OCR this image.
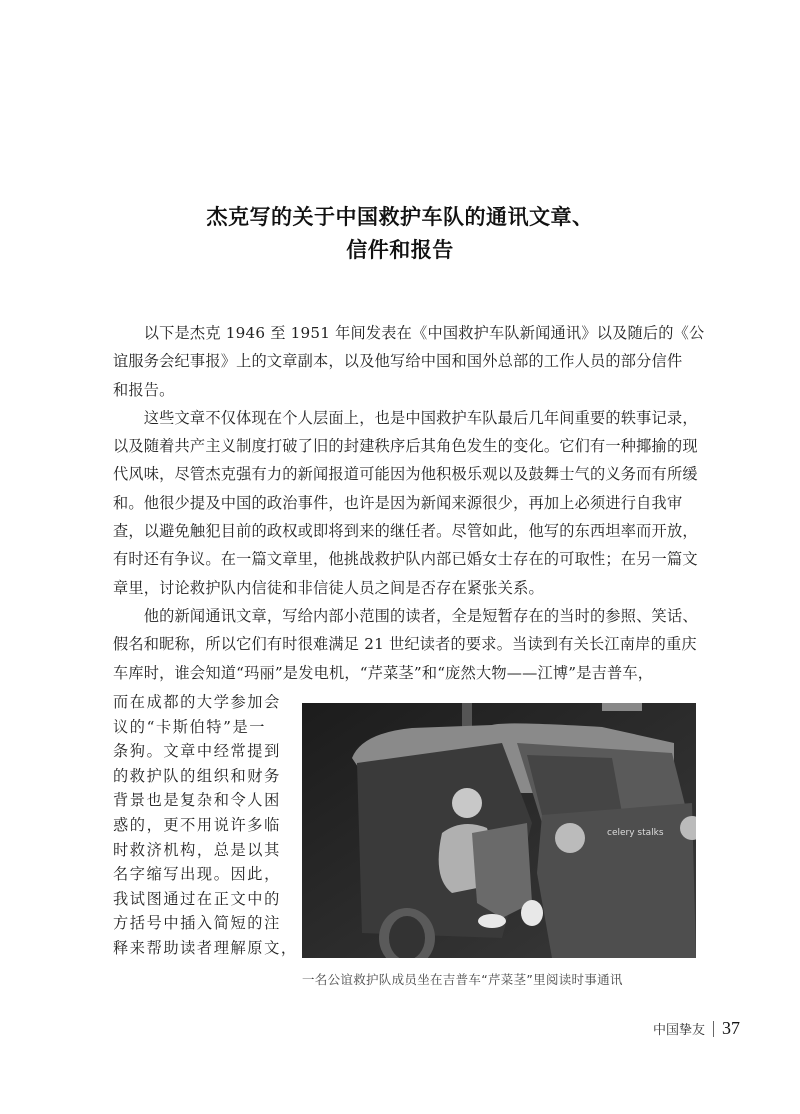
杰克写的关于中国救护车队的通讯文章、
信件和报告
　　以下是杰克 1946 至 1951 年间发表在《中国救护车队新闻通讯》以及随后的《公
谊服务会纪事报》上的文章副本，以及他写给中国和国外总部的工作人员的部分信件
和报告。
　　这些文章不仅体现在个人层面上，也是中国救护车队最后几年间重要的轶事记录，
以及随着共产主义制度打破了旧的封建秩序后其角色发生的变化。它们有一种揶揄的现
代风味，尽管杰克强有力的新闻报道可能因为他积极乐观以及鼓舞士气的义务而有所缓
和。他很少提及中国的政治事件，也许是因为新闻来源很少，再加上必须进行自我审
查，以避免触犯目前的政权或即将到来的继任者。尽管如此，他写的东西坦率而开放，
有时还有争议。在一篇文章里，他挑战救护队内部已婚女士存在的可取性；在另一篇文
章里，讨论救护队内信徒和非信徒人员之间是否存在紧张关系。
　　他的新闻通讯文章，写给内部小范围的读者，全是短暂存在的当时的参照、笑话、
假名和昵称，所以它们有时很难满足 21 世纪读者的要求。当读到有关长江南岸的重庆
车库时，谁会知道“玛丽”是发电机，“芹菜茎”和“庞然大物——江博”是吉普车，
而在成都的大学参加会
议的“卡斯伯特”是一
条狗。文章中经常提到
的救护队的组织和财务
背景也是复杂和令人困
惑的，更不用说许多临
时救济机构，总是以其
名字缩写出现。因此，
我试图通过在正文中的
方括号中插入简短的注
释来帮助读者理解原文，
celery stalks
一名公谊救护队成员坐在吉普车“芹菜茎”里阅读时事通讯
中国挚友 37
